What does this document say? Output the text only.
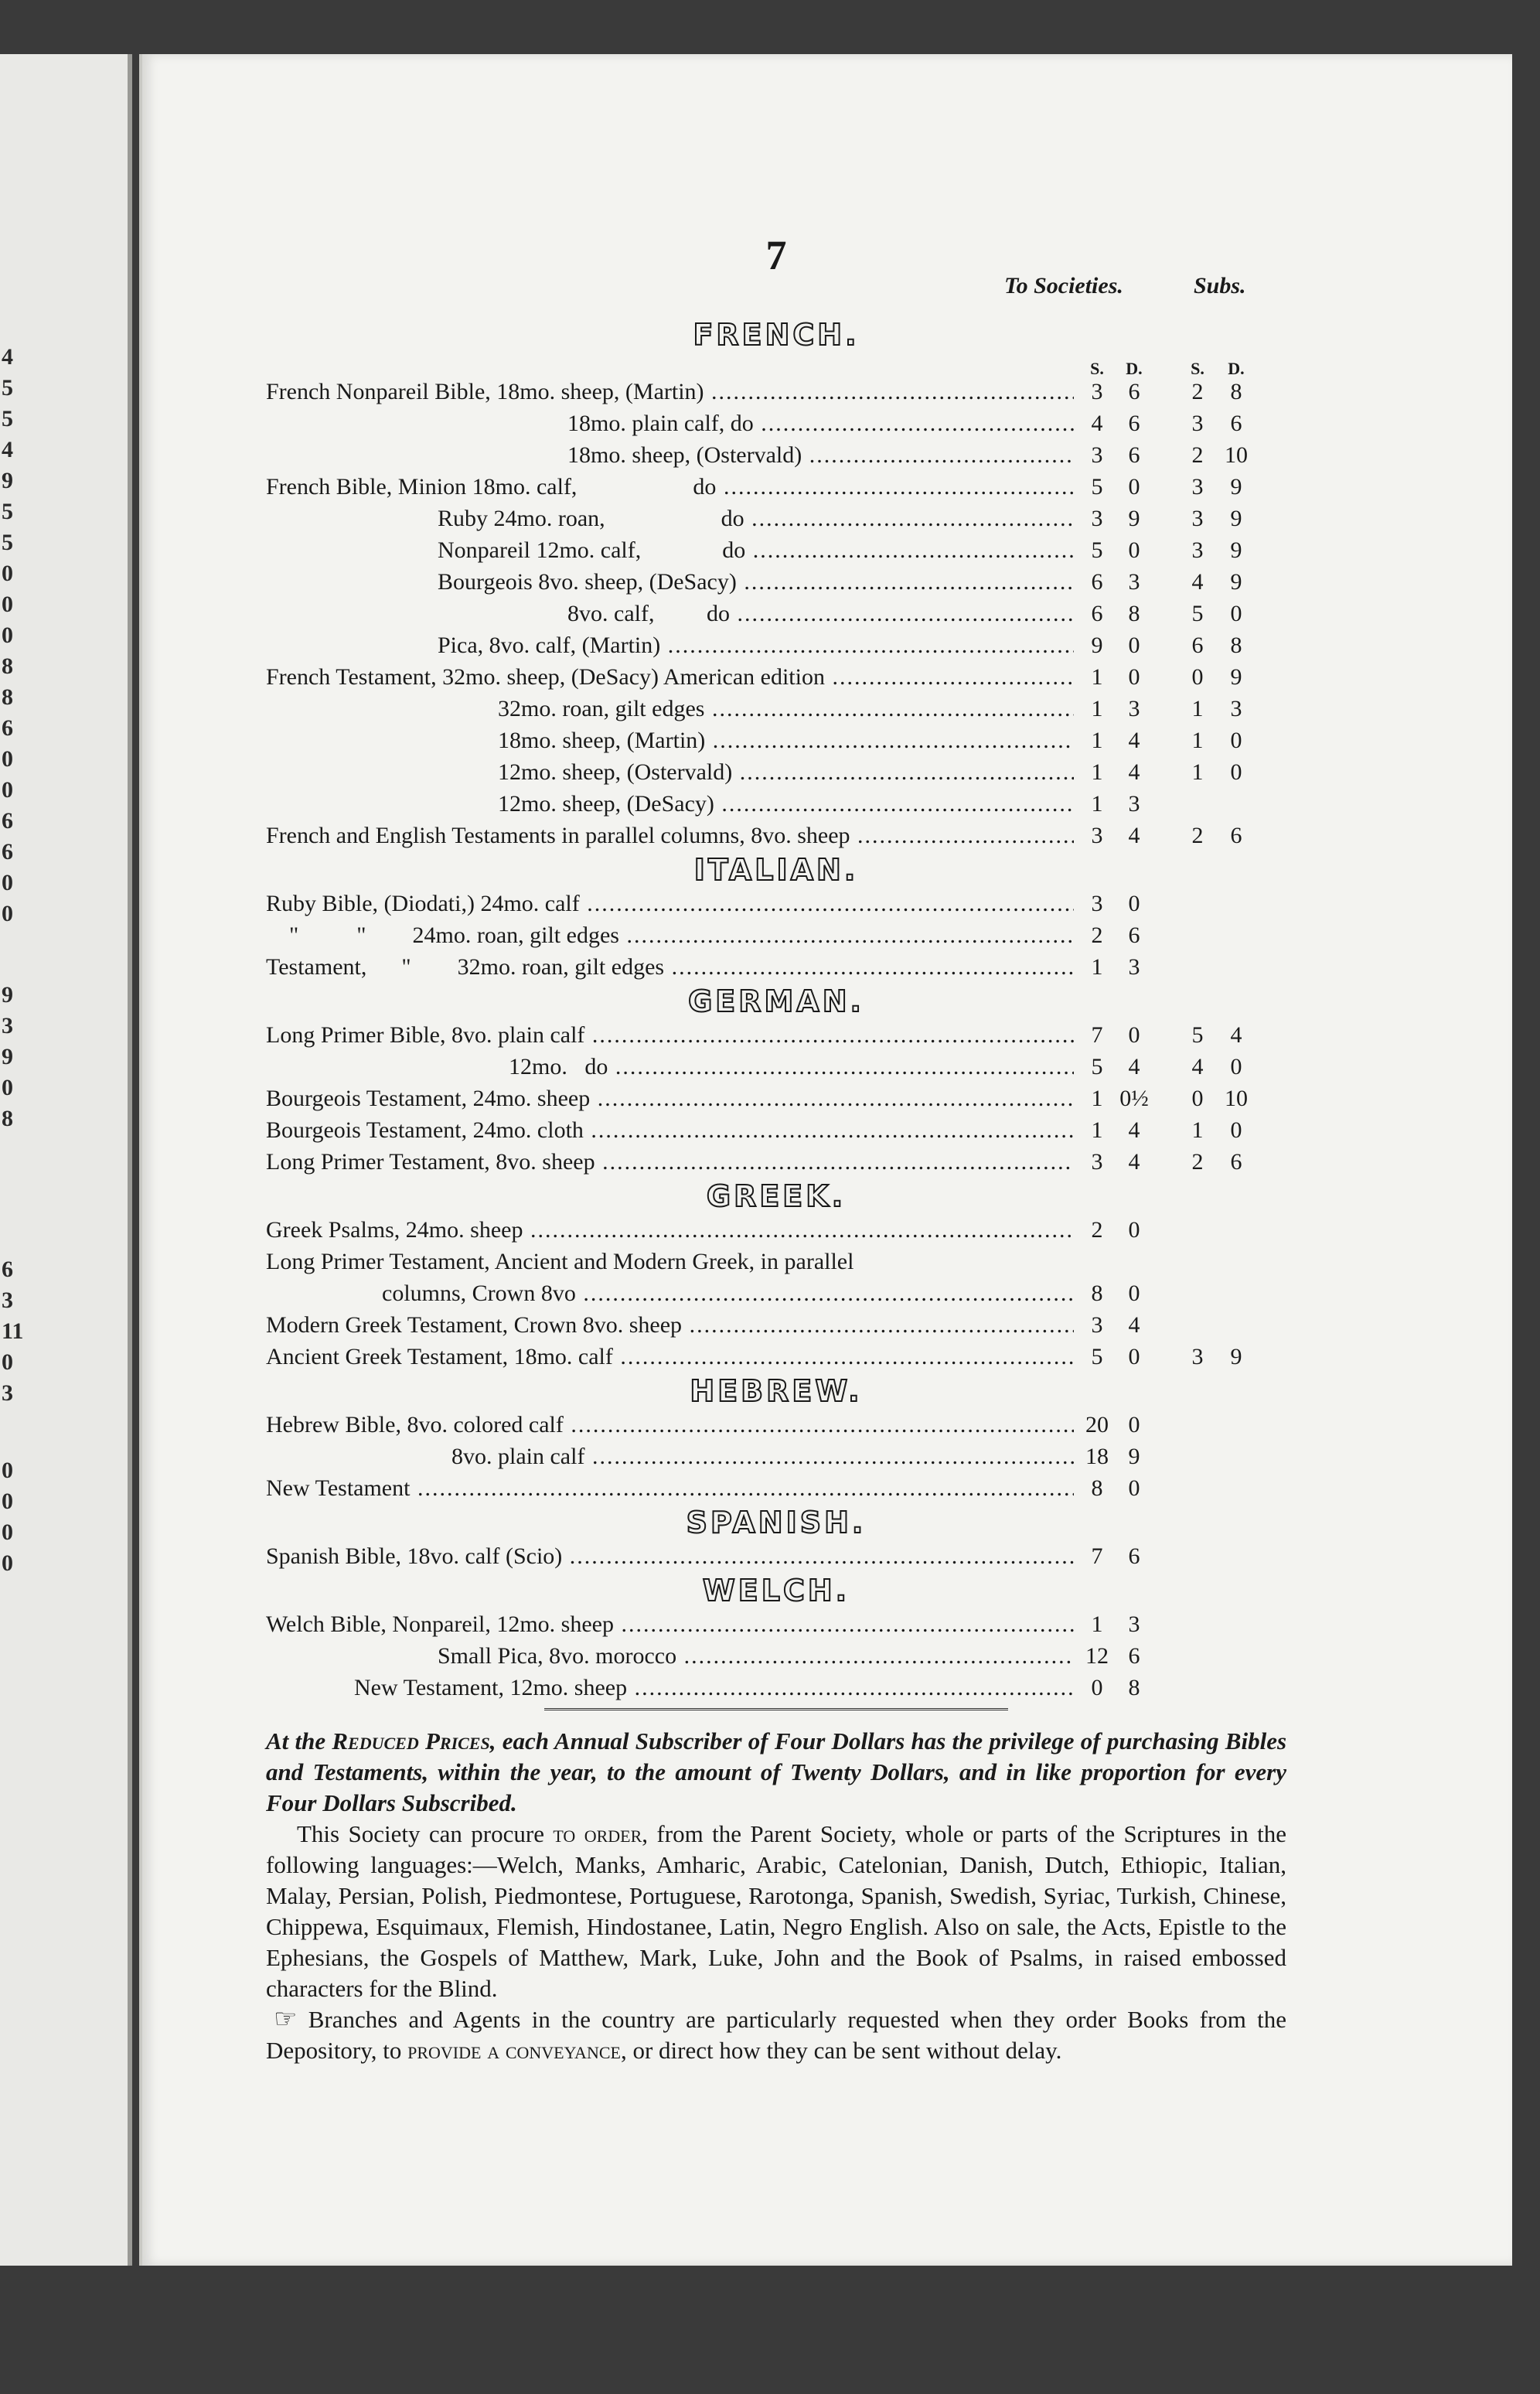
4
5
5
4
9
5
5
0
0
0
8
8
6
0
0
6
6
0
0
9
3
9
0
8
6
3
11
0
3
0
0
0
0
7
To Societies.	Subs.
FRENCH.
S.	D.	S.	D.
French Nonpareil Bible, 18mo. sheep, (Martin) .....	3	6	2	8
18mo. plain calf, do .....	4	6	3	6
18mo. sheep, (Ostervald) .....	3	6	2 10
French Bible, Minion 18mo. calf,                    do .....	5	0	3	9
Ruby 24mo. roan,                    do .....	3	9	3	9
Nonpareil 12mo. calf,              do .....	5	0	3	9
Bourgeois 8vo. sheep, (DeSacy) .....	6	3	4	9
8vo. calf,         do .....	6	8	5	0
Pica, 8vo. calf, (Martin) .....	9	0	6	8
French Testament, 32mo. sheep, (DeSacy) American edition .....	1	0	0	9
32mo. roan, gilt edges .....	1	3	1	3
18mo. sheep, (Martin) .....	1	4	1	0
12mo. sheep, (Ostervald) .....	1	4	1	0
12mo. sheep, (DeSacy) .....	1	3
French and English Testaments in parallel columns, 8vo. sheep .....	3	4	2	6
ITALIAN.
Ruby Bible, (Diodati,) 24mo. calf .....	3	0
"          "        24mo. roan, gilt edges .....	2	6
Testament,      "        32mo. roan, gilt edges .....	1	3
GERMAN.
Long Primer Bible, 8vo. plain calf .....	7	0	5	4
12mo.   do .....	5	4	4	0
Bourgeois Testament, 24mo. sheep .....	1 0½	0 10
Bourgeois Testament, 24mo. cloth .....	1	4	1	0
Long Primer Testament, 8vo. sheep .....	3	4	2	6
GREEK.
Greek Psalms, 24mo. sheep .....	2	0
Long Primer Testament, Ancient and Modern Greek, in parallel
columns, Crown 8vo .....	8	0
Modern Greek Testament, Crown 8vo. sheep .....	3	4
Ancient Greek Testament, 18mo. calf .....	5	0	3	9
HEBREW.
Hebrew Bible, 8vo. colored calf .....	20 0
8vo. plain calf .....	18 9
New Testament .....	8	0
SPANISH.
Spanish Bible, 18vo. calf (Scio) .....	7	6
WELCH.
Welch Bible, Nonpareil, 12mo. sheep .....	1	3
Small Pica, 8vo. morocco .....	12 6
New Testament, 12mo. sheep .....	0	8

At the Reduced Prices, each Annual Subscriber of Four Dollars has the privilege of purchasing Bibles and Testaments, within the year, to the amount of Twenty Dollars, and in like proportion for every Four Dollars Subscribed.

This Society can procure to order, from the Parent Society, whole or parts of the Scriptures in the following languages:—Welch, Manks, Amharic, Arabic, Catelonian, Danish, Dutch, Ethiopic, Italian, Malay, Persian, Polish, Piedmontese, Portuguese, Rarotonga, Spanish, Swedish, Syriac, Turkish, Chinese, Chippewa, Esquimaux, Flemish, Hindostanee, Latin, Negro English. Also on sale, the Acts, Epistle to the Ephesians, the Gospels of Matthew, Mark, Luke, John and the Book of Psalms, in raised embossed characters for the Blind.

☞ Branches and Agents in the country are particularly requested when they order Books from the Depository, to provide a conveyance, or direct how they can be sent without delay.
